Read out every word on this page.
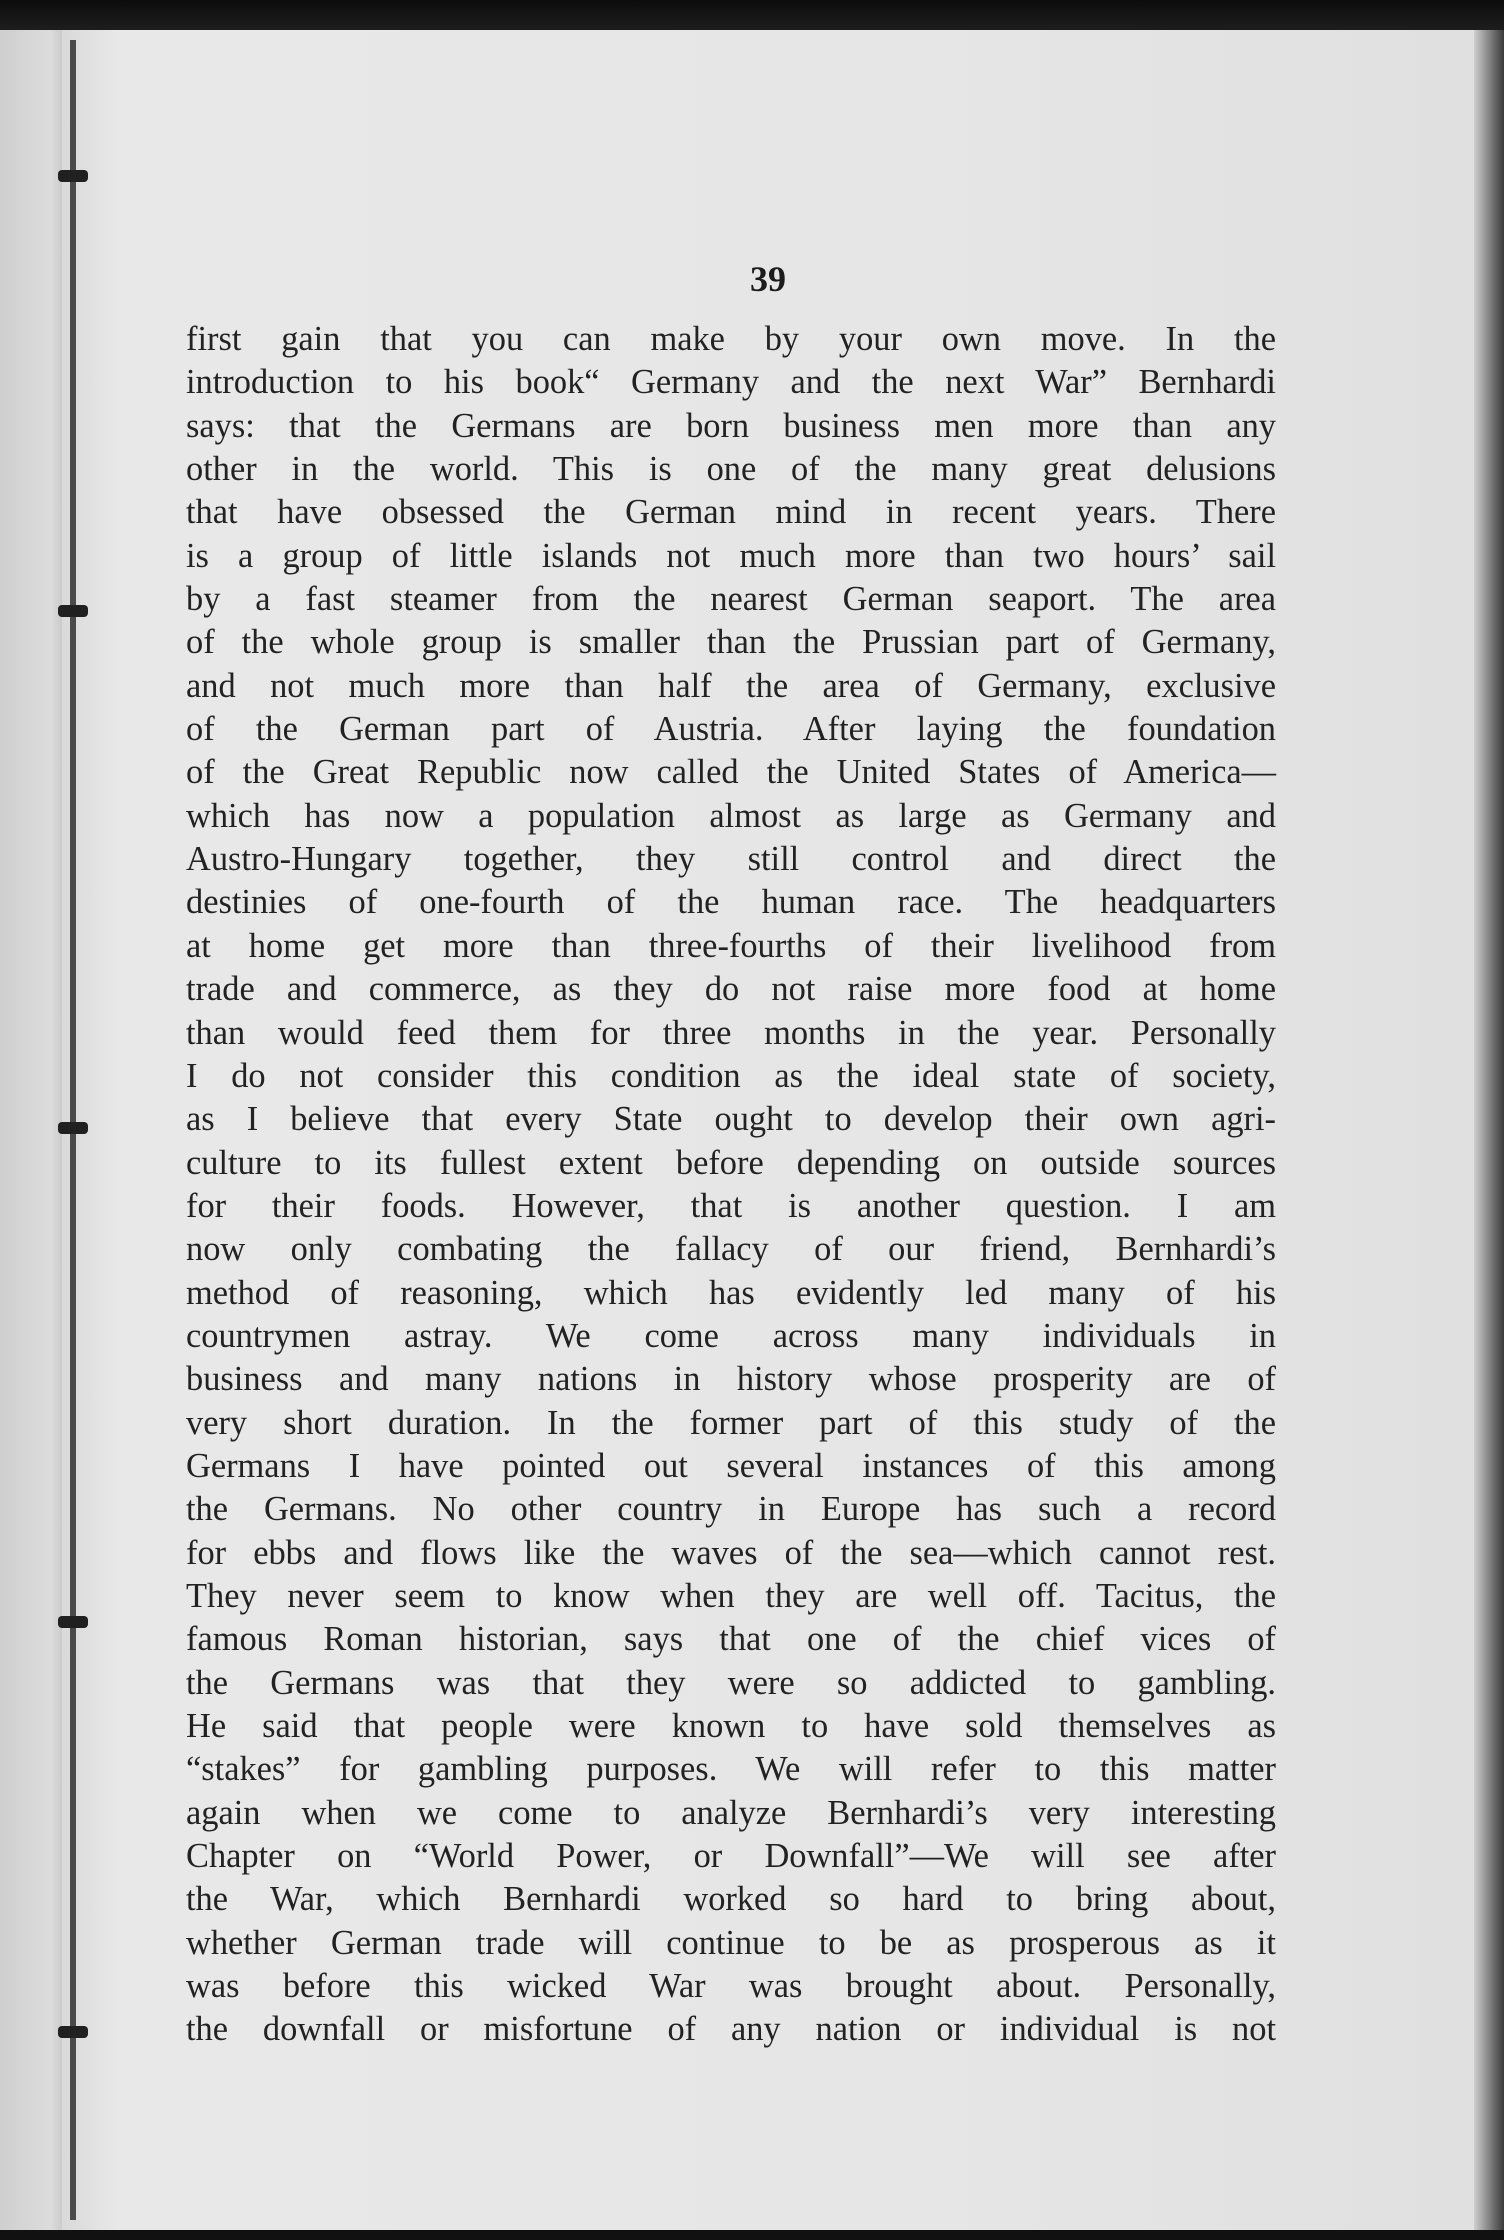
39
first gain that you can make by your own move. In the
introduction to his book“ Germany and the next War” Bernhardi
says: that the Germans are born business men more than any
other in the world. This is one of the many great delusions
that have obsessed the German mind in recent years. There
is a group of little islands not much more than two hours’ sail
by a fast steamer from the nearest German seaport. The area
of the whole group is smaller than the Prussian part of Germany,
and not much more than half the area of Germany, exclusive
of the German part of Austria. After laying the foundation
of the Great Republic now called the United States of America—
which has now a population almost as large as Germany and
Austro-Hungary together, they still control and direct the
destinies of one-fourth of the human race. The headquarters
at home get more than three-fourths of their livelihood from
trade and commerce, as they do not raise more food at home
than would feed them for three months in the year. Personally
I do not consider this condition as the ideal state of society,
as I believe that every State ought to develop their own agri-
culture to its fullest extent before depending on outside sources
for their foods. However, that is another question. I am
now only combating the fallacy of our friend, Bernhardi’s
method of reasoning, which has evidently led many of his
countrymen astray. We come across many individuals in
business and many nations in history whose prosperity are of
very short duration. In the former part of this study of the
Germans I have pointed out several instances of this among
the Germans. No other country in Europe has such a record
for ebbs and flows like the waves of the sea—which cannot rest.
They never seem to know when they are well off. Tacitus, the
famous Roman historian, says that one of the chief vices of
the Germans was that they were so addicted to gambling.
He said that people were known to have sold themselves as
“stakes” for gambling purposes. We will refer to this matter
again when we come to analyze Bernhardi’s very interesting
Chapter on “World Power, or Downfall”—We will see after
the War, which Bernhardi worked so hard to bring about,
whether German trade will continue to be as prosperous as it
was before this wicked War was brought about. Personally,
the downfall or misfortune of any nation or individual is not
